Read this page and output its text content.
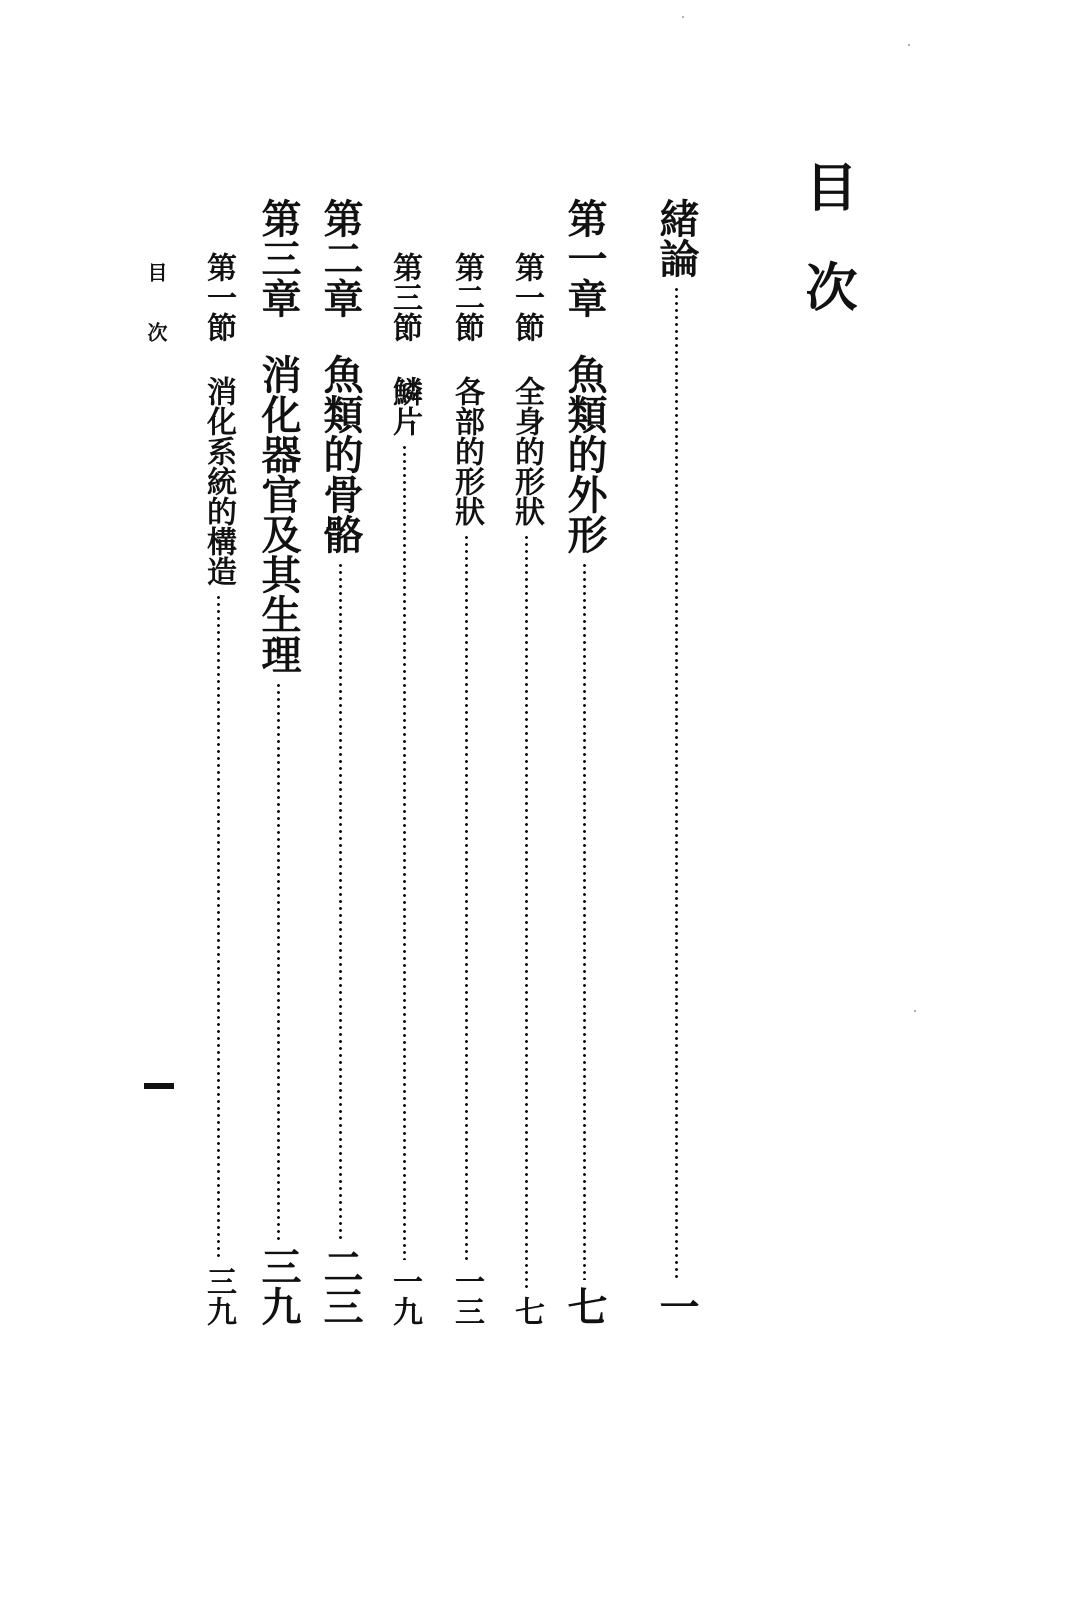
目次
緒論
一
第一章
魚類的外形
七
第一節
全身的形狀
七
第二節
各部的形狀
一三
第三節
鱗片
一九
第二章
魚類的骨骼
二三
第三章
消化器官及其生理
三九
第一節
消化系統的構造
三九
目次
